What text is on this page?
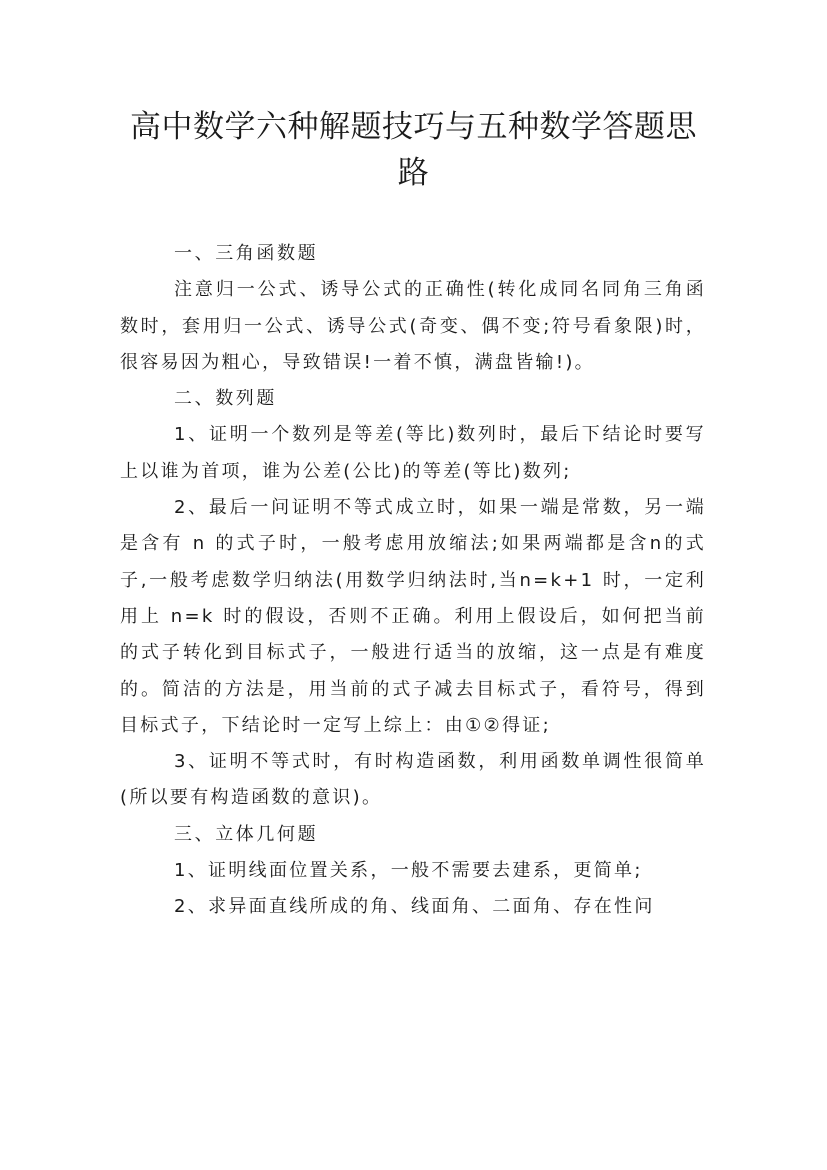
高中数学六种解题技巧与五种数学答题思路

一、三角函数题

注意归一公式、诱导公式的正确性(转化成同名同角三角函数时，套用归一公式、诱导公式(奇变、偶不变;符号看象限)时，很容易因为粗心，导致错误!一着不慎，满盘皆输!)。

二、数列题

1、证明一个数列是等差(等比)数列时，最后下结论时要写上以谁为首项，谁为公差(公比)的等差(等比)数列;

2、最后一问证明不等式成立时，如果一端是常数，另一端是含有 n 的式子时，一般考虑用放缩法;如果两端都是含n的式子,一般考虑数学归纳法(用数学归纳法时,当n=k+1 时，一定利用上 n=k 时的假设，否则不正确。利用上假设后，如何把当前的式子转化到目标式子，一般进行适当的放缩，这一点是有难度的。简洁的方法是，用当前的式子减去目标式子，看符号，得到目标式子，下结论时一定写上综上：由①②得证;

3、证明不等式时，有时构造函数，利用函数单调性很简单(所以要有构造函数的意识)。

三、立体几何题

1、证明线面位置关系，一般不需要去建系，更简单;

2、求异面直线所成的角、线面角、二面角、存在性问
